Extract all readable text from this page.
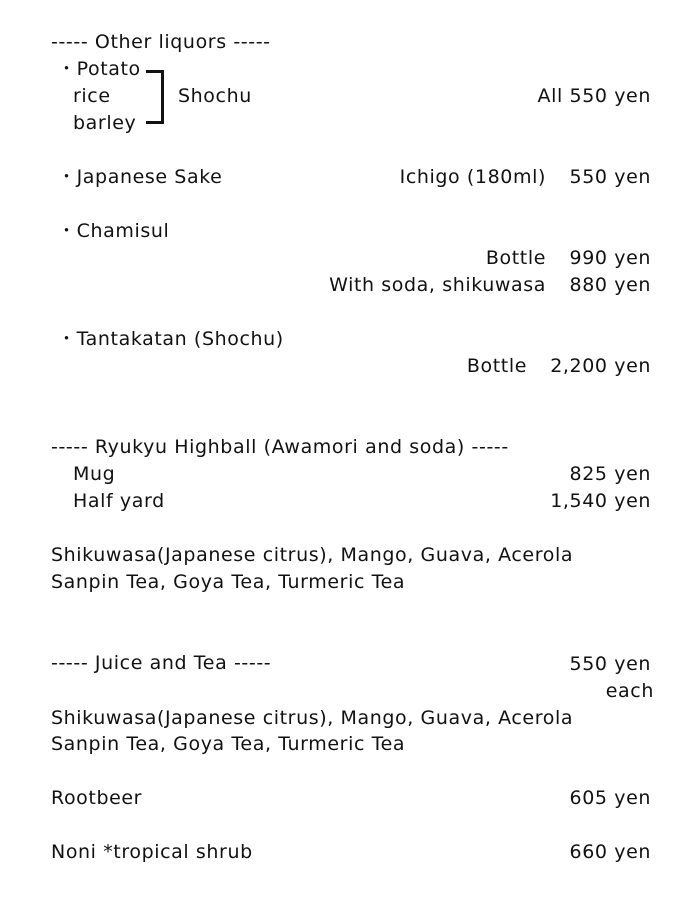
----- Other liquors -----
・Potato
rice
barley
Shochu	All 550 yen
・Japanese Sake	Ichigo (180ml) 550 yen
・Chamisul
Bottle 990 yen
With soda, shikuwasa 880 yen
・Tantakatan (Shochu)
Bottle 2,200 yen
----- Ryukyu Highball (Awamori and soda) -----
Mug	825 yen
Half yard	1,540 yen
Shikuwasa(Japanese citrus), Mango, Guava, Acerola
Sanpin Tea, Goya Tea, Turmeric Tea
----- Juice and Tea -----	550 yen
each
Shikuwasa(Japanese citrus), Mango, Guava, Acerola
Sanpin Tea, Goya Tea, Turmeric Tea
Rootbeer	605 yen
Noni *tropical shrub	660 yen
